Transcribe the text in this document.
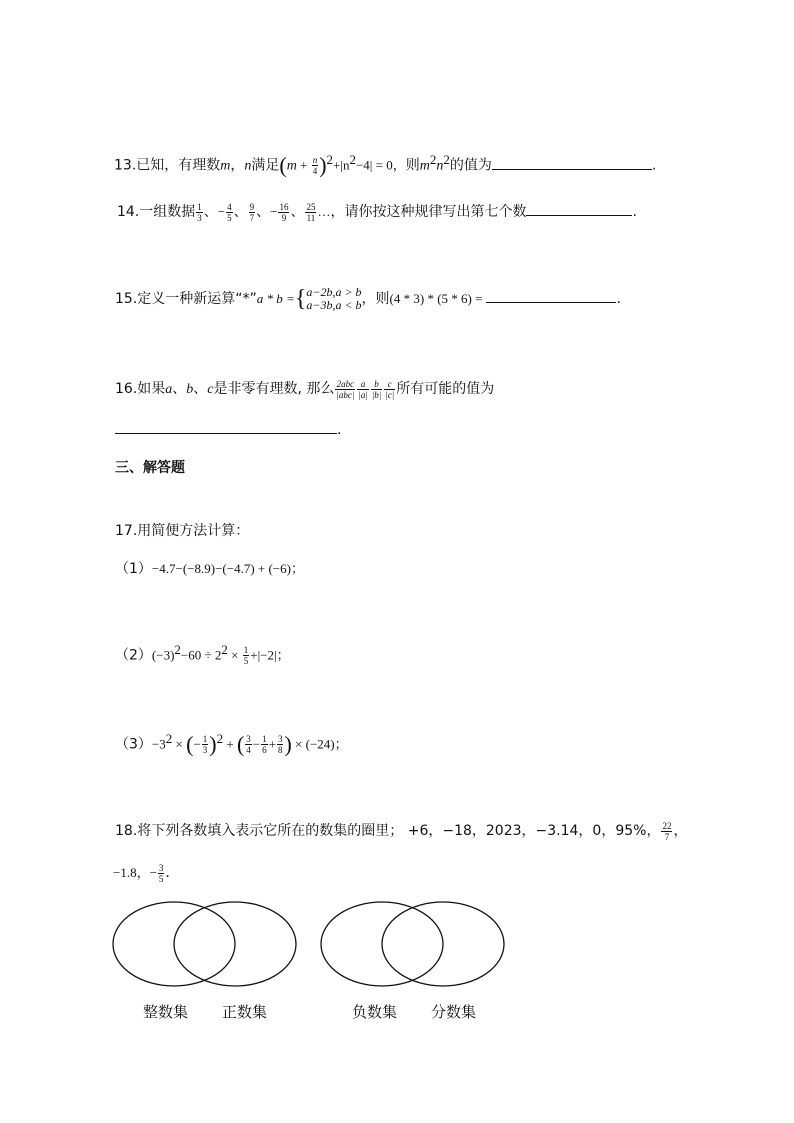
13.已知，有理数m，n满足$(m + \frac{n}{4} )^2+|n^2-4| = 0$，则$m^2n^2$的值为	.
14.一组数据 $\frac{1}{3}$ 、− $\frac{4}{5}$ 、 $\frac{9}{7}$ 、− $\frac{16}{9}$ 、 $\frac{25}{11}$ …，请你按这种规律写出第七个数	.
15.定义一种新运算“*”a * b ={ a−2b,a > b
a−3b,a < b ，则(4 * 3) * (5 * 6) =	.
16.如果a、b、c是非零有理数, 那么 $\frac{\text{2abc}}{\text{|abc|}} \frac{a}{|a|} \frac{b}{|b|} \frac{c}{|c|}$ 所有可能的值为
.
三、解答题
17.用简便方法计算：
（1）−4.7−(−8.9)−(−4.7) + (−6)；
$(2)(-3)^2-60 \div 2^2 \times \frac{1}{5} +|-2|$；
$(3)-3^2$ × (− $\frac{1}{3} )^2$ + ( $\frac{3}{4} - \frac{1}{6} + \frac{3}{8}$ ) × (−24)；
18.将下列各数填入表示它所在的数集的圈里； +6，−18，2023，−3.14，0，95%， $\frac{22}{7}$ ，
−1.8，− $\frac{3}{5}$ .
整数集 正数集	负数集 分数集
